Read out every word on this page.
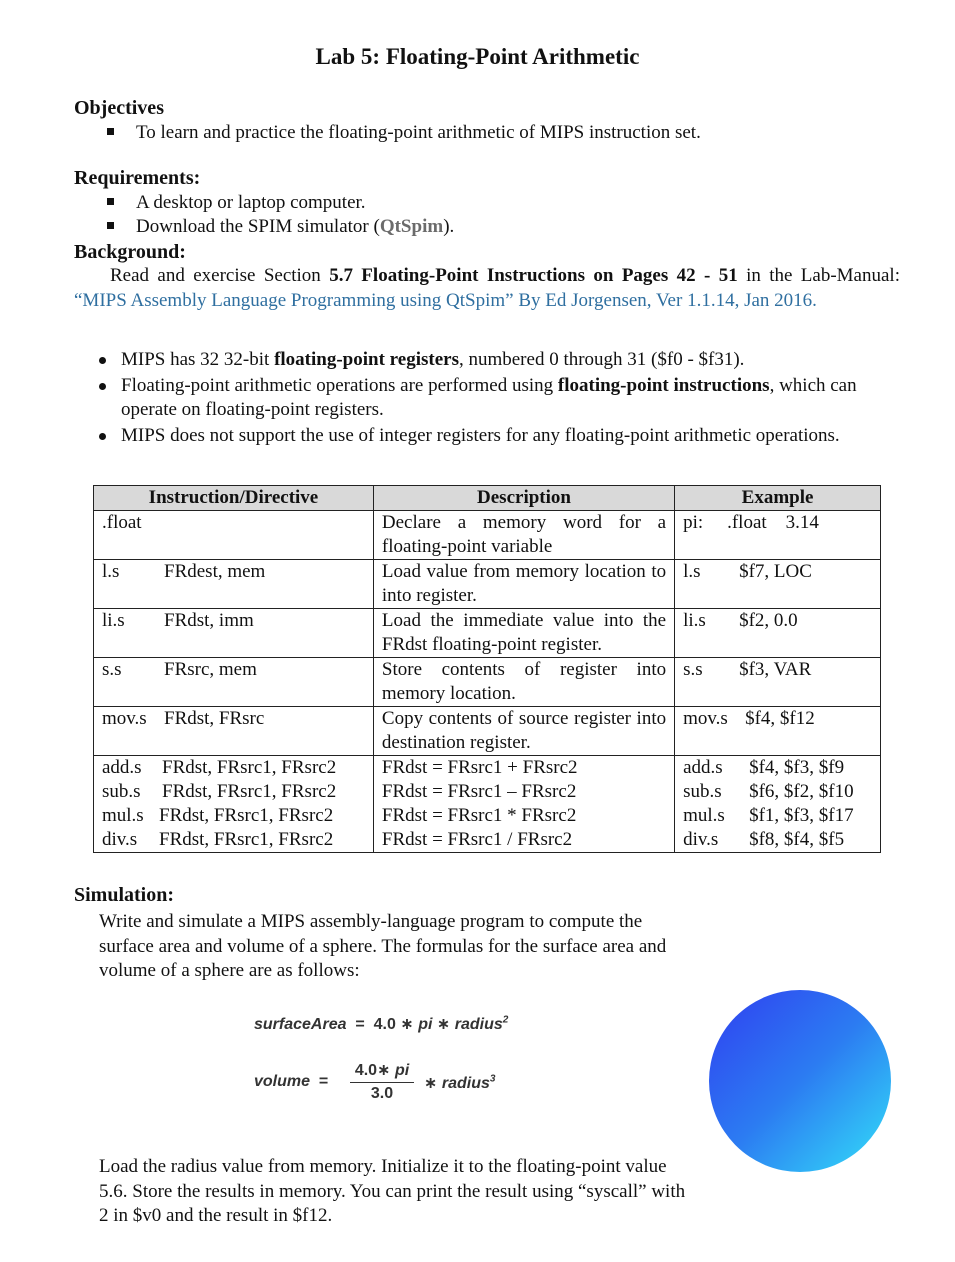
Lab 5: Floating-Point Arithmetic
Objectives
To learn and practice the floating-point arithmetic of MIPS instruction set.
Requirements:
A desktop or laptop computer.
Download the SPIM simulator (QtSpim).
Background:
Read and exercise Section 5.7 Floating-Point Instructions on Pages 42 - 51 in the Lab-Manual: “MIPS Assembly Language Programming using QtSpim” By Ed Jorgensen, Ver 1.1.14, Jan 2016.
MIPS has 32 32-bit floating-point registers, numbered 0 through 31 ($f0 - $f31).
Floating-point arithmetic operations are performed using floating-point instructions, which can operate on floating-point registers.
MIPS does not support the use of integer registers for any floating-point arithmetic operations.
Instruction/Directive	Description	Example
.float	Declare a memory word for a floating-point variable	pi: .float    3.14
l.s FRdest, mem	Load value from memory location to into register.	l.s $f7, LOC
li.s FRdst, imm	Load the immediate value into the FRdst floating-point register.	li.s $f2, 0.0
s.s FRsrc, mem	Store contents of register into memory location.	s.s $f3, VAR
mov.s FRdst, FRsrc	Copy contents of source register into destination register.	mov.s $f4, $f12
add.s FRdst, FRsrc1, FRsrc2	FRdst = FRsrc1 + FRsrc2	add.s $f4, $f3, $f9
sub.s FRdst, FRsrc1, FRsrc2	FRdst = FRsrc1 – FRsrc2	sub.s $f6, $f2, $f10
mul.s FRdst, FRsrc1, FRsrc2	FRdst = FRsrc1 * FRsrc2	mul.s $f1, $f3, $f17
div.s FRdst, FRsrc1, FRsrc2	FRdst = FRsrc1 / FRsrc2	div.s $f8, $f4, $f5
Simulation:
Write and simulate a MIPS assembly-language program to compute the surface area and volume of a sphere. The formulas for the surface area and volume of a sphere are as follows:
surfaceArea = 4.0 ∗ pi ∗ radius$^2$
volume = $\frac{4.0∗ pi}{3.0}$ ∗ radius$^3$
Load the radius value from memory. Initialize it to the floating-point value 5.6. Store the results in memory. You can print the result using “syscall” with 2 in $v0 and the result in $f12.
